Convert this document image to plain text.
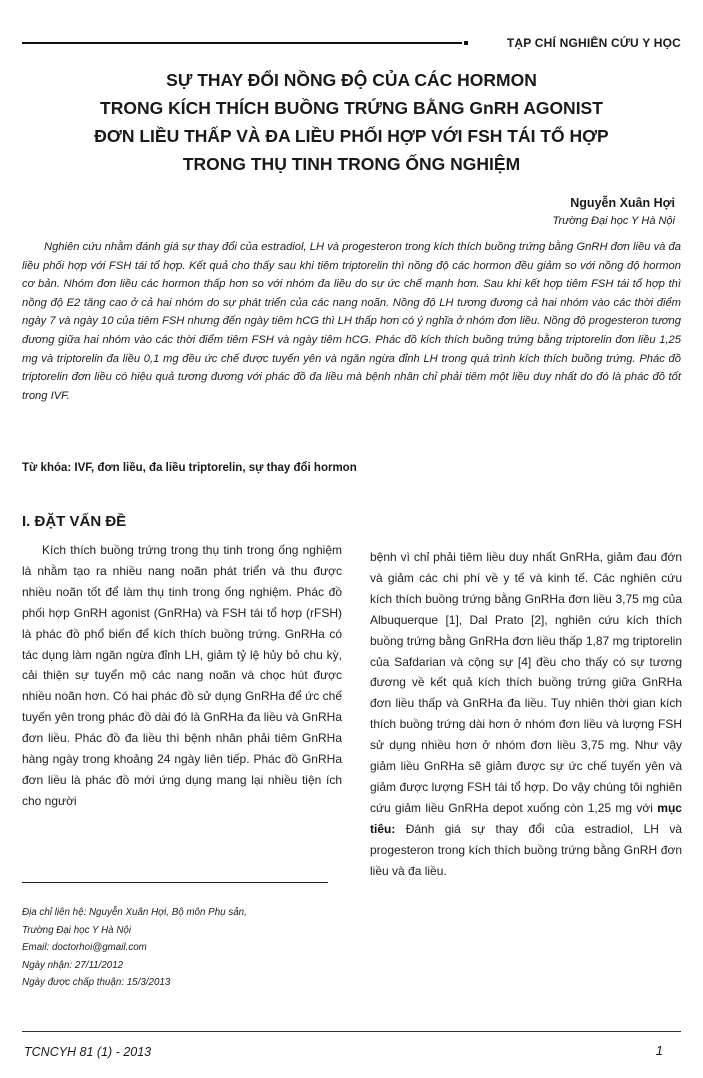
TẠP CHÍ NGHIÊN CỨU Y HỌC
SỰ THAY ĐỔI NỒNG ĐỘ CỦA CÁC HORMON
TRONG KÍCH THÍCH BUỒNG TRỨNG BẰNG GnRH AGONIST
ĐƠN LIỀU THẤP VÀ ĐA LIỀU PHỐI HỢP VỚI FSH TÁI TỔ HỢP
TRONG THỤ TINH TRONG ỐNG NGHIỆM
Nguyễn Xuân Hợi
Trường Đại học Y Hà Nội

Nghiên cứu nhằm đánh giá sự thay đổi của estradiol, LH và progesteron trong kích thích buồng trứng bằng GnRH đơn liều và đa liều phối hợp với FSH tái tổ hợp. Kết quả cho thấy sau khi tiêm triptorelin thì nồng độ các hormon đều giảm so với nồng độ hormon cơ bản. Nhóm đơn liều các hormon thấp hơn so với nhóm đa liều do sự ức chế mạnh hơn. Sau khi kết hợp tiêm FSH tái tổ hợp thì nồng độ E2 tăng cao ở cả hai nhóm do sự phát triển của các nang noãn. Nồng độ LH tương đương cả hai nhóm vào các thời điểm ngày 7 và ngày 10 của tiêm FSH nhưng đến ngày tiêm hCG thì LH thấp hơn có ý nghĩa ở nhóm đơn liều. Nồng độ progesteron tương đương giữa hai nhóm vào các thời điểm tiêm FSH và ngày tiêm hCG. Phác đồ kích thích buồng trứng bằng triptorelin đơn liều 1,25 mg và triptorelin đa liều 0,1 mg đều ức chế được tuyến yên và ngăn ngừa đỉnh LH trong quá trình kích thích buồng trứng. Phác đồ triptorelin đơn liều có hiệu quả tương đương với phác đồ đa liều mà bệnh nhân chỉ phải tiêm một liều duy nhất do đó là phác đồ tốt trong IVF.

Từ khóa: IVF, đơn liều, đa liều triptorelin, sự thay đổi hormon
I. ĐẶT VẤN ĐỀ

Kích thích buồng trứng trong thụ tinh trong ống nghiệm là nhằm tạo ra nhiều nang noãn phát triển và thu được nhiều noãn tốt để làm thụ tinh trong ống nghiệm. Phác đồ phối hợp GnRH agonist (GnRHa) và FSH tái tổ hợp (rFSH) là phác đồ phổ biến để kích thích buồng trứng. GnRHa có tác dụng làm ngăn ngừa đỉnh LH, giảm tỷ lệ hủy bỏ chu kỳ, cải thiện sự tuyển mộ các nang noãn và chọc hút được nhiều noãn hơn. Có hai phác đồ sử dụng GnRHa để ức chế tuyến yên trong phác đồ dài đó là GnRHa đa liều và GnRHa đơn liều. Phác đồ đa liều thì bệnh nhân phải tiêm GnRHa hàng ngày trong khoảng 24 ngày liên tiếp. Phác đồ GnRHa đơn liều là phác đồ mới ứng dụng mang lại nhiều tiện ích cho người

bệnh vì chỉ phải tiêm liều duy nhất GnRHa, giảm đau đớn và giảm các chi phí về y tế và kinh tế. Các nghiên cứu kích thích buồng trứng bằng GnRHa đơn liều 3,75 mg của Albuquerque [1], Dal Prato [2], nghiên cứu kích thích buồng trứng bằng GnRHa đơn liều thấp 1,87 mg triptorelin của Safdarian và cộng sự [4] đều cho thấy có sự tương đương về kết quả kích thích buồng trứng giữa GnRHa đơn liều thấp và GnRHa đa liều. Tuy nhiên thời gian kích thích buồng trứng dài hơn ở nhóm đơn liều và lượng FSH sử dụng nhiều hơn ở nhóm đơn liều 3,75 mg. Như vậy giảm liều GnRHa sẽ giảm được sự ức chế tuyến yên và giảm được lượng FSH tái tổ hợp. Do vậy chúng tôi nghiên cứu giảm liều GnRHa depot xuống còn 1,25 mg với mục tiêu: Đánh giá sự thay đổi của estradiol, LH và progesteron trong kích thích buồng trứng bằng GnRH đơn liều và đa liều.

Địa chỉ liên hệ: Nguyễn Xuân Hợi, Bộ môn Phụ sản,
Trường Đại học Y Hà Nội
Email: doctorhoi@gmail.com
Ngày nhận: 27/11/2012
Ngày được chấp thuận: 15/3/2013
TCNCYH 81 (1) - 2013	1
